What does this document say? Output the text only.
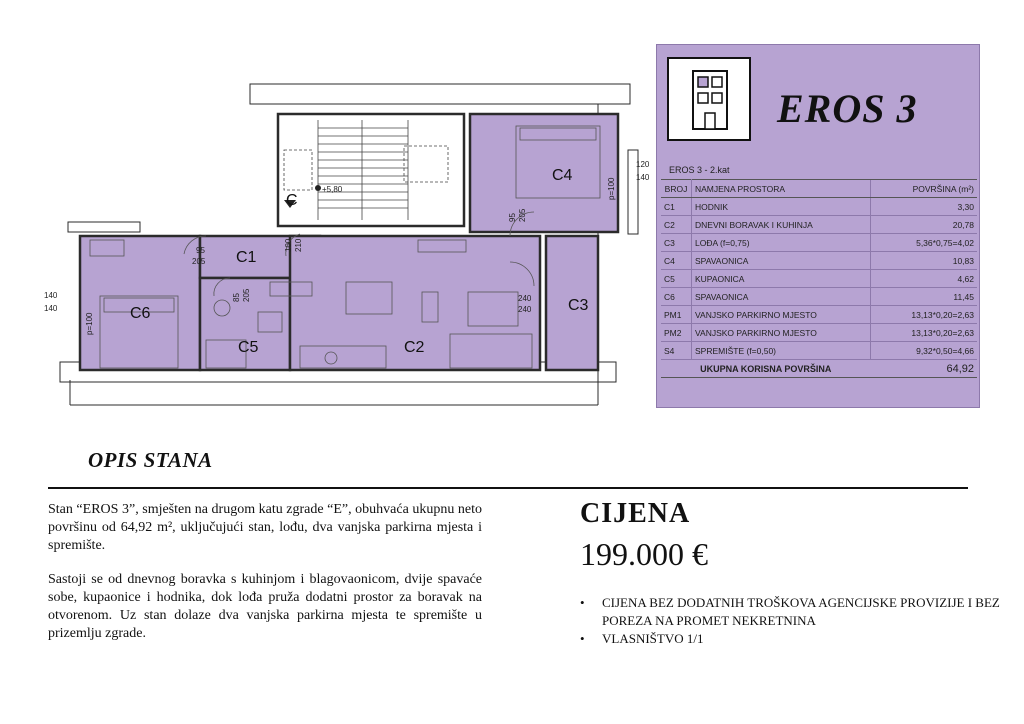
C6
C1
C5	C2
C3
C4
C
+5,80
140
140
120
140
95
205
p=100
p=100
100 210
85 205
95 205
240
240
EROS 3
EROS 3 - 2.kat
BROJ	NAMJENA PROSTORA	POVRŠINA (m²)
C1	HODNIK	3,30
C2	DNEVNI BORAVAK I KUHINJA	20,78
C3	LOĐA (f=0,75)	5,36*0,75=4,02
C4	SPAVAONICA	10,83
C5	KUPAONICA	4,62
C6	SPAVAONICA	11,45
PM1	VANJSKO PARKIRNO MJESTO	13,13*0,20=2,63
PM2	VANJSKO PARKIRNO MJESTO	13,13*0,20=2,63
S4	SPREMIŠTE (f=0,50)	9,32*0,50=4,66
UKUPNA KORISNA POVRŠINA		64,92
OPIS STANA

Stan “EROS 3”, smješten na drugom katu zgrade “E”, obuhvaća ukupnu neto površinu od 64,92 m², uključujući stan, lođu, dva vanjska parkirna mjesta i spremište.

Sastoji se od dnevnog boravka s kuhinjom i blagovaonicom, dvije spavaće sobe, kupaonice i hodnika, dok lođa pruža dodatni prostor za boravak na otvorenom. Uz stan dolaze dva vanjska parkirna mjesta te spremište u prizemlju zgrade.

CIJENA
199.000 €
• CIJENA BEZ DODATNIH TROŠKOVA AGENCIJSKE PROVIZIJE I BEZ POREZA NA PROMET NEKRETNINA
• VLASNIŠTVO 1/1
